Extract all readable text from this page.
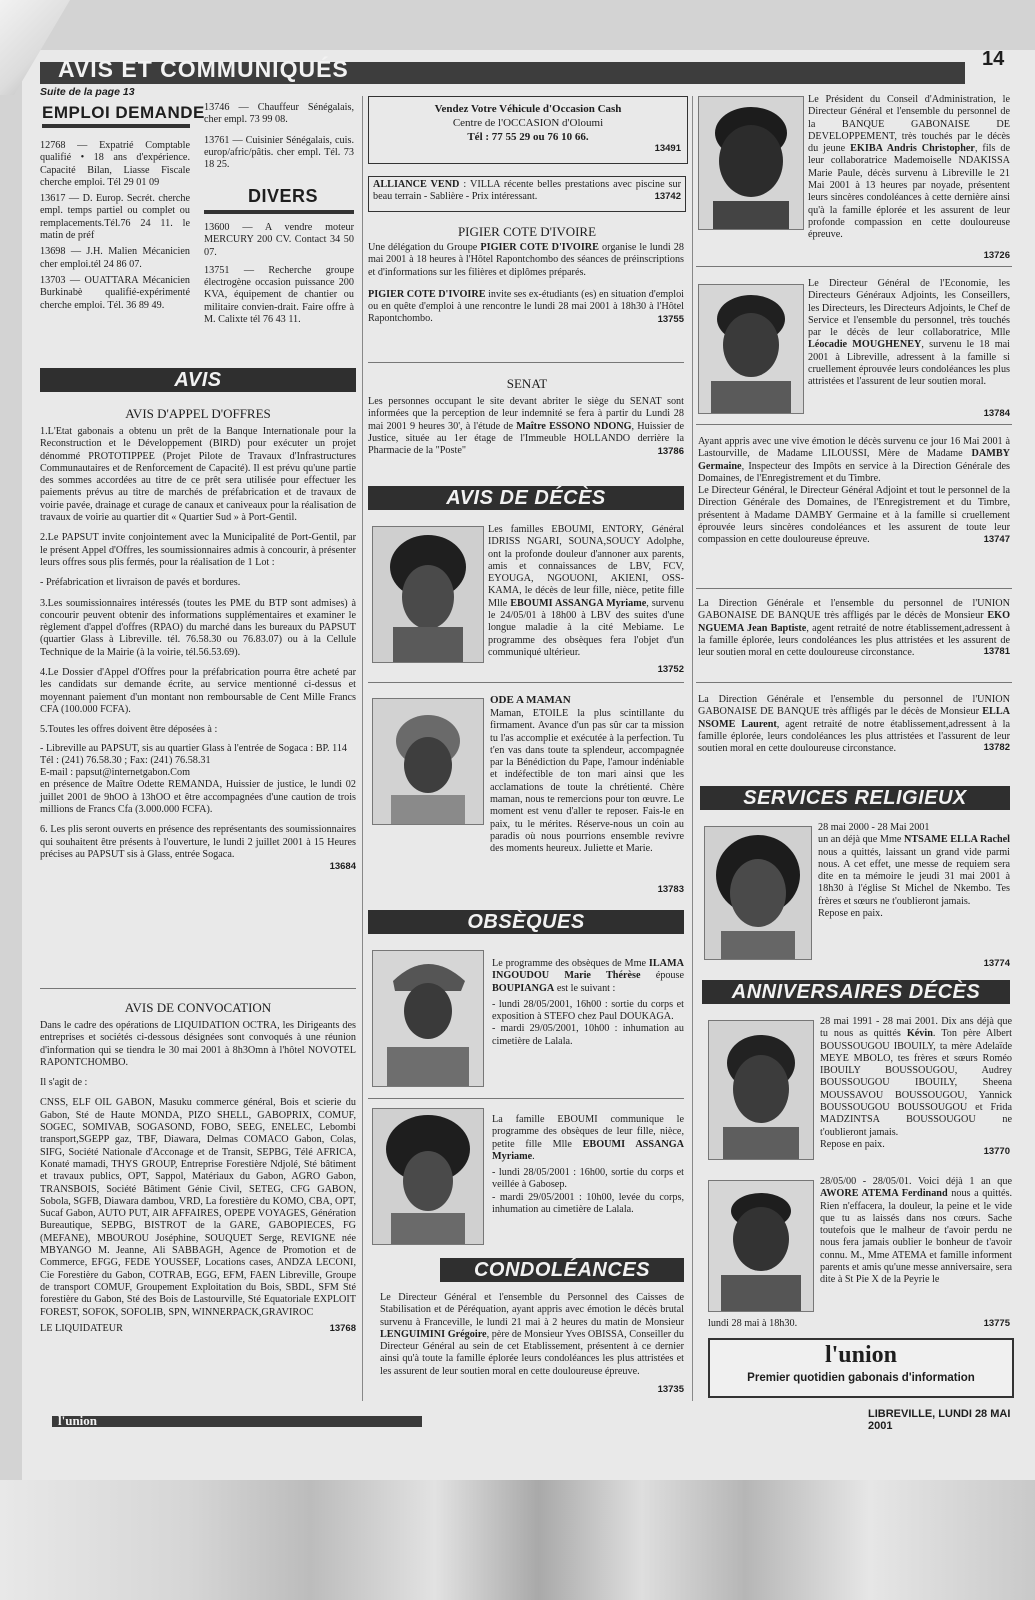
AVIS ET COMMUNIQUÉS	14
Suite de la page 13
EMPLOI DEMANDE

12768 — Expatrié Comptable qualifié • 18 ans d'expérience. Capacité Bilan, Liasse Fiscale cherche emploi. Tél 29 01 09

13617 — D. Europ. Secrét. cherche empl. temps partiel ou complet ou remplacements.Tél.76 24 11. le matin de préf

13698 — J.H. Malien Mécanicien cher emploi.tél 24 86 07.

13703 — OUATTARA Mécanicien Burkinabè qualifié-expérimenté cherche emploi. Tél. 36 89 49.

13746 — Chauffeur Sénégalais, cher empl. 73 99 08.

13761 — Cuisinier Sénégalais, cuis. europ/afric/pâtis. cher empl. Tél. 73 18 25.

DIVERS

13600 — A vendre moteur MERCURY 200 CV. Contact 34 50 07.

13751 — Recherche groupe électrogène occasion puissance 200 KVA, équipement de chantier ou militaire convien-drait. Faire offre à M. Calixte tél 76 43 11.

AVIS
AVIS D'APPEL D'OFFRES

1.L'Etat gabonais a obtenu un prêt de la Banque Internationale pour la Reconstruction et le Développement (BIRD) pour exécuter un projet dénommé PROTOTIPPEE (Projet Pilote de Travaux d'Infrastructures Communautaires et de Renforcement de Capacité). Il est prévu qu'une partie des sommes accordées au titre de ce prêt sera utilisée pour effectuer les paiements prévus au titre de marchés de préfabrication et de travaux de voirie pavée, drainage et curage de canaux et caniveaux pour la réalisation de travaux de voirie au quartier dit « Quartier Sud » à Port-Gentil.

2.Le PAPSUT invite conjointement avec la Municipalité de Port-Gentil, par le présent Appel d'Offres, les soumissionnaires admis à concourir, à présenter leurs offres sous plis fermés, pour la réalisation de 1 Lot :

- Préfabrication et livraison de pavés et bordures.

3.Les soumissionnaires intéressés (toutes les PME du BTP sont admises) à concourir peuvent obtenir des informations supplémentaires et examiner le règlement d'appel d'offres (RPAO) du marché dans les bureaux du PAPSUT (quartier Glass à Libreville. tél. 76.58.30 ou 76.83.07) ou à la Cellule Technique de la Mairie (à la voirie, tél.56.53.69).

4.Le Dossier d'Appel d'Offres pour la préfabrication pourra être acheté par les candidats sur demande écrite, au service mentionné ci-dessus et moyennant paiement d'un montant non remboursable de Cent Mille Francs CFA (100.000 FCFA).

5.Toutes les offres doivent être déposées à :

- Libreville au PAPSUT, sis au quartier Glass à l'entrée de Sogaca : BP. 114

Tél : (241) 76.58.30 ; Fax: (241) 76.58.31

E-mail : papsut@internetgabon.Com

en présence de Maître Odette REMANDA, Huissier de justice, le lundi 02 juillet 2001 de 9hOO à 13hOO et être accompagnées d'une caution de trois millions de Francs Cfa (3.000.000 FCFA).

6. Les plis seront ouverts en présence des représentants des soumissionnaires qui souhaitent être présents à l'ouverture, le lundi 2 juillet 2001 à 15 Heures précises au PAPSUT sis à Glass, entrée Sogaca.

13684
AVIS DE CONVOCATION

Dans le cadre des opérations de LIQUIDATION OCTRA, les Dirigeants des entreprises et sociétés ci-dessous désignées sont convoqués à une réunion d'information qui se tiendra le 30 mai 2001 à 8h3Omn à l'hôtel NOVOTEL RAPONTCHOMBO.

Il s'agit de :

CNSS, ELF OIL GABON, Masuku commerce général, Bois et scierie du Gabon, Sté de Haute MONDA, PIZO SHELL, GABOPRIX, COMUF, SOGEC, SOMIVAB, SOGASOND, FOBO, SEEG, ENELEC, Lebombi transport,SGEPP gaz, TBF, Diawara, Delmas COMACO Gabon, Colas, SIFG, Société Nationale d'Acconage et de Transit, SEPBG, Télé AFRICA, Konaté mamadi, THYS GROUP, Entreprise Forestière Ndjolé, Sté bâtiment et travaux publics, OPT, Sappol, Matériaux du Gabon, AGRO Gabon, TRANSBOIS, Société Bâtiment Génie Civil, SETEG, CFG GABON, Sobola, SGFB, Diawara dambou, VRD, La forestière du KOMO, CBA, OPT, Sucaf Gabon, AUTO PUT, AIR AFFAIRES, OPEPE VOYAGES, Génération Bureautique, SEPBG, BISTROT de la GARE, GABOPIECES, FG (MEFANE), MBOUROU Joséphine, SOUQUET Serge, REVIGNE née MBYANGO M. Jeanne, Ali SABBAGH, Agence de Promotion et de Commerce, EFGG, FEDE YOUSSEF, Locations cases, ANDZA LECONI, Cie Forestière du Gabon, COTRAB, EGG, EFM, FAEN Libreville, Groupe de transport COMUF, Groupement Exploitation du Bois, SBDL, SFM Sté forestière du Gabon, Sté des Bois de Lastourville, Sté Equatoriale EXPLOIT FOREST, SOFOK, SOFOLIB, SPN, WINNERPACK,GRAVIROC

LE LIQUIDATEUR	13768
Vendez Votre Véhicule d'Occasion Cash
Centre de l'OCCASION d'Oloumi
Tél : 77 55 29 ou 76 10 66.
13491
ALLIANCE VEND : VILLA récente belles prestations avec piscine sur beau terrain - Sablière - Prix intéressant.	13742
PIGIER COTE D'IVOIRE

Une délégation du Groupe PIGIER COTE D'IVOIRE organise le lundi 28 mai 2001 à 18 heures à l'Hôtel Rapontchombo des séances de préinscriptions et d'informations sur les filières et diplômes préparés.

PIGIER COTE D'IVOIRE invite ses ex-étudiants (es) en situation d'emploi ou en quête d'emploi à une rencontre le lundi 28 mai 2001 à 18h30 à l'Hôtel Rapontchombo.	13755
SENAT

Les personnes occupant le site devant abriter le siège du SENAT sont informées que la perception de leur indemnité se fera à partir du Lundi 28 mai 2001 9 heures 30', à l'étude de Maître ESSONO NDONG, Huissier de Justice, située au 1er étage de l'Immeuble HOLLANDO derrière la Pharmacie de la "Poste"	13786
AVIS DE DÉCÈS
Les familles EBOUMI, ENTORY, Général IDRISS NGARI, SOUNA,SOUCY Adolphe, ont la profonde douleur d'annoner aux parents, amis et connaissances de LBV, FCV, EYOUGA, NGOUONI, AKIENI, OSS-KAMA, le décès de leur fille, nièce, petite fille Mlle EBOUMI ASSANGA Myriame, survenu le 24/05/01 à 18h00 à LBV des suites d'une longue maladie à la cité Mebiame. Le programme des obsèques fera l'objet d'un communiqué ultérieur.
13752
ODE A MAMAN
Maman, ETOILE la plus scintillante du firmament. Avance d'un pas sûr car ta mission tu l'as accomplie et exécutée à la perfection. Tu t'en vas dans toute ta splendeur, accompagnée par la Bénédiction du Pape, l'amour indéniable et indéfectible de ton mari ainsi que les acclamations de toute la chrétienté. Chère maman, nous te remercions pour ton œuvre. Le moment est venu d'aller te reposer. Fais-le en paix, tu le mérites. Réserve-nous un coin au paradis où nous pourrions ensemble revivre des moments heureux. Juliette et Marie.
13783
OBSÈQUES

Le programme des obsèques de Mme ILAMA INGOUDOU Marie Thérèse épouse BOUPIANGA est le suivant :

- lundi 28/05/2001, 16h00 : sortie du corps et exposition à STEFO chez Paul DOUKAGA.

- mardi 29/05/2001, 10h00 : inhumation au cimetière de Lalala.

La famille EBOUMI communique le programme des obsèques de leur fille, nièce, petite fille Mlle EBOUMI ASSANGA Myriame.

- lundi 28/05/2001 : 16h00, sortie du corps et veillée à Gabosep.

- mardi 29/05/2001 : 10h00, levée du corps, inhumation au cimetière de Lalala.

CONDOLÉANCES
Le Directeur Général et l'ensemble du Personnel des Caisses de Stabilisation et de Péréquation, ayant appris avec émotion le décès brutal survenu à Franceville, le lundi 21 mai à 2 heures du matin de Monsieur LENGUIMINI Grégoire, père de Monsieur Yves OBISSA, Conseiller du Directeur Général au sein de cet Etablissement, présentent à ce dernier ainsi qu'à toute la famille éplorée leurs condoléances les plus attristées et les assurent de leur soutien moral en cette douloureuse épreuve.
13735
Le Président du Conseil d'Administration, le Directeur Général et l'ensemble du personnel de la BANQUE GABONAISE DE DEVELOPPEMENT, très touchés par le décès du jeune EKIBA Andris Christopher, fils de leur collaboratrice Mademoiselle NDAKISSA Marie Paule, décès survenu à Libreville le 21 Mai 2001 à 13 heures par noyade, présentent leurs sincères condoléances à cette dernière ainsi qu'à la famille éplorée et les assurent de leur profonde compassion en cette douloureuse épreuve.
13726
Le Directeur Général de l'Economie, les Directeurs Généraux Adjoints, les Conseillers, les Directeurs, les Directeurs Adjoints, le Chef de Service et l'ensemble du personnel, très touchés par le décès de leur collaboratrice, Mlle Léocadie MOUGHENEY, survenu le 18 mai 2001 à Libreville, adressent à la famille si cruellement éprouvée leurs condoléances les plus attristées et l'assurent de leur soutien moral.
13784

Ayant appris avec une vive émotion le décès survenu ce jour 16 Mai 2001 à Lastourville, de Madame LILOUSSI, Mère de Madame DAMBY Germaine, Inspecteur des Impôts en service à la Direction Générale des Domaines, de l'Enregistrement et du Timbre.

Le Directeur Général, le Directeur Général Adjoint et tout le personnel de la Direction Générale des Domaines, de l'Enregistrement et du Timbre, présentent à Madame DAMBY Germaine et à la famille si cruellement éprouvée leurs sincères condoléances et les assurent de toute leur compassion en cette douloureuse épreuve.	13747
La Direction Générale et l'ensemble du personnel de l'UNION GABONAISE DE BANQUE très affligés par le décès de Monsieur EKO NGUEMA Jean Baptiste, agent retraité de notre établissement,adressent à la famille éplorée, leurs condoléances les plus attristées et les assurent de leur soutien moral en cette douloureuse circonstance.	13781
La Direction Générale et l'ensemble du personnel de l'UNION GABONAISE DE BANQUE très affligés par le décès de Monsieur ELLA NSOME Laurent, agent retraité de notre établissement,adressent à la famille éplorée, leurs condoléances les plus attristées et l'assurent de leur soutien moral en cette douloureuse circonstance.	13782
SERVICES RELIGIEUX

28 mai 2000 - 28 Mai 2001

un an déjà que Mme NTSAME ELLA Rachel nous a quittés, laissant un grand vide parmi nous. A cet effet, une messe de requiem sera dite en ta mémoire le jeudi 31 mai 2001 à 18h30 à l'église St Michel de Nkembo. Tes frères et sœurs ne t'oublieront jamais.

Repose en paix.

13774
ANNIVERSAIRES DÉCÈS

28 mai 1991 - 28 mai 2001. Dix ans déjà que tu nous as quittés Kévin. Ton père Albert BOUSSOUGOU IBOUILY, ta mère Adelaïde MEYE MBOLO, tes frères et sœurs Roméo IBOUILY BOUSSOUGOU, Audrey BOUSSOUGOU IBOUILY, Sheena MOUSSAVOU BOUSSOUGOU, Yannick BOUSSOUGOU BOUSSOUGOU et Frida MADZINTSA BOUSSOUGOU ne t'oublieront jamais.

Repose en paix.

13770
28/05/00 - 28/05/01. Voici déjà 1 an que AWORE ATEMA Ferdinand nous a quittés. Rien n'effacera, la douleur, la peine et le vide que tu as laissés dans nos cœurs. Sache toutefois que le malheur de t'avoir perdu ne nous fera jamais oublier le bonheur de t'avoir connu. M., Mme ATEMA et famille informent parents et amis qu'une messe anniversaire, sera dite à St Pie X de la Peyrie le
lundi 28 mai à 18h30.	13775
l'union
Premier quotidien gabonais d'information
l'union	LIBREVILLE, LUNDI 28 MAI 2001
